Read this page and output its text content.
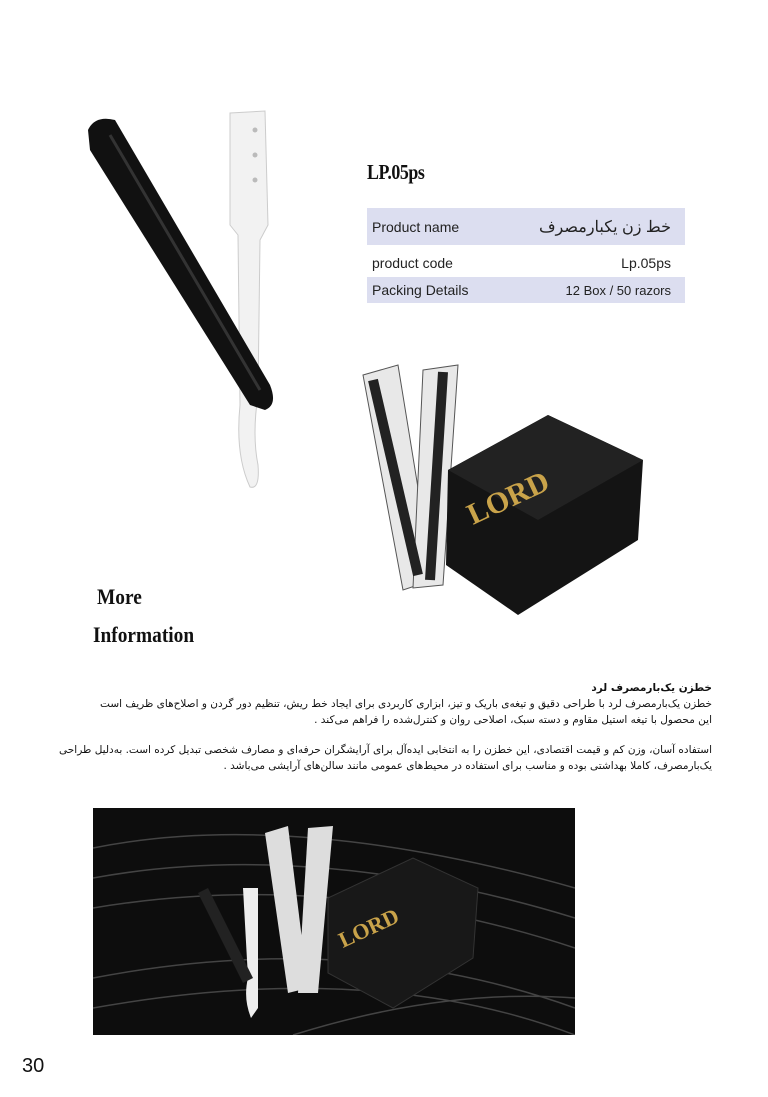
LP.05ps
Product name	خط زن یکبارمصرف
product code	Lp.05ps
Packing Details	12 Box / 50 razors
LORD
More
Information

خطزن یک‌بارمصرف لرد

خطزن یک‌بارمصرف لرد با طراحی دقیق و تیغه‌ی باریک و تیز، ابزاری کاربردی برای ایجاد خط ریش، تنظیم دور گردن و اصلاح‌های ظریف است

این محصول با تیغه استیل مقاوم و دسته سبک، اصلاحی روان و کنترل‌شده را فراهم می‌کند .

استفاده آسان، وزن کم و قیمت اقتصادی، این خطزن را به انتخابی ایده‌آل برای آرایشگران حرفه‌ای و مصارف شخصی تبدیل کرده است. به‌دلیل طراحی

یک‌بارمصرف، کاملا بهداشتی بوده و مناسب برای استفاده در محیط‌های عمومی مانند سالن‌های آرایشی می‌باشد .

LORD
30
